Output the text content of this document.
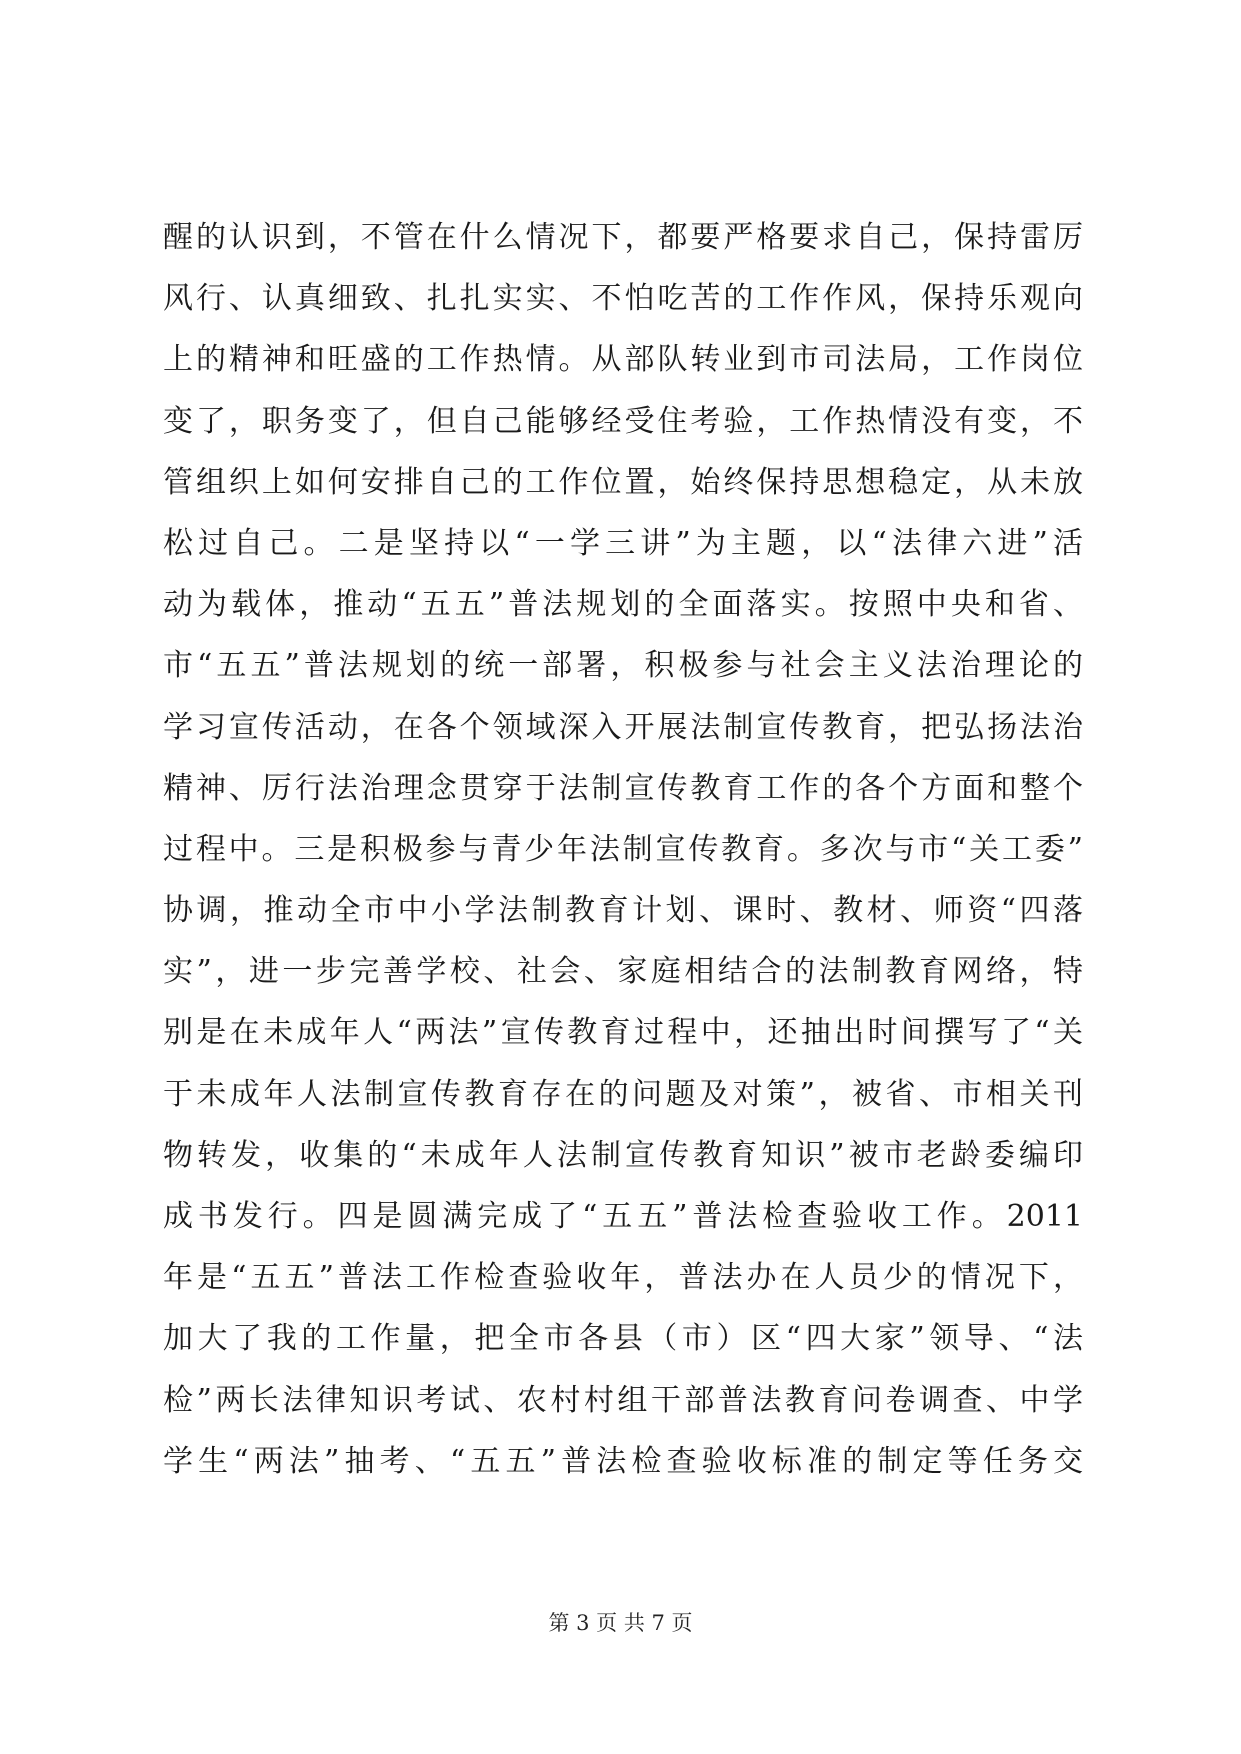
醒的认识到，不管在什么情况下，都要严格要求自己，保持雷厉
风行、认真细致、扎扎实实、不怕吃苦的工作作风，保持乐观向
上的精神和旺盛的工作热情。从部队转业到市司法局，工作岗位
变了，职务变了，但自己能够经受住考验，工作热情没有变，不
管组织上如何安排自己的工作位置，始终保持思想稳定，从未放
松过自己。二是坚持以“一学三讲”为主题，以“法律六进”活
动为载体，推动“五五”普法规划的全面落实。按照中央和省、
市“五五”普法规划的统一部署，积极参与社会主义法治理论的
学习宣传活动，在各个领域深入开展法制宣传教育，把弘扬法治
精神、厉行法治理念贯穿于法制宣传教育工作的各个方面和整个
过程中。三是积极参与青少年法制宣传教育。多次与市“关工委”
协调，推动全市中小学法制教育计划、课时、教材、师资“四落
实”，进一步完善学校、社会、家庭相结合的法制教育网络，特
别是在未成年人“两法”宣传教育过程中，还抽出时间撰写了“关
于未成年人法制宣传教育存在的问题及对策”，被省、市相关刊
物转发，收集的“未成年人法制宣传教育知识”被市老龄委编印
成书发行。四是圆满完成了“五五”普法检查验收工作。2011
年是“五五”普法工作检查验收年，普法办在人员少的情况下，
加大了我的工作量，把全市各县（市）区“四大家”领导、“法
检”两长法律知识考试、农村村组干部普法教育问卷调查、中学
学生“两法”抽考、“五五”普法检查验收标准的制定等任务交
第 3 页 共 7 页
